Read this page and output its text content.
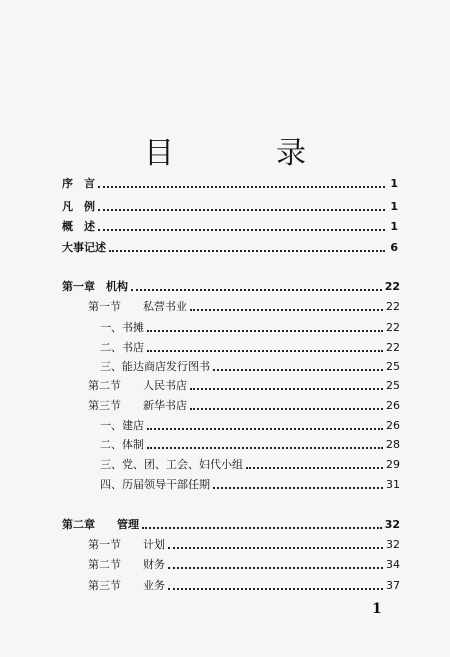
目　录
序　言	1
凡　例	1
概　述	1
大事记述	6
第一章　机构	22
第一节　　私营书业	22
一、书摊	22
二、书店	22
三、能达商店发行图书	25
第二节　　人民书店	25
第三节　　新华书店	26
一、建店	26
二、体制	28
三、党、团、工会、妇代小组	29
四、历届领导干部任期	31
第二章　　管理	32
第一节　　计划	32
第二节　　财务	34
第三节　　业务	37
1
